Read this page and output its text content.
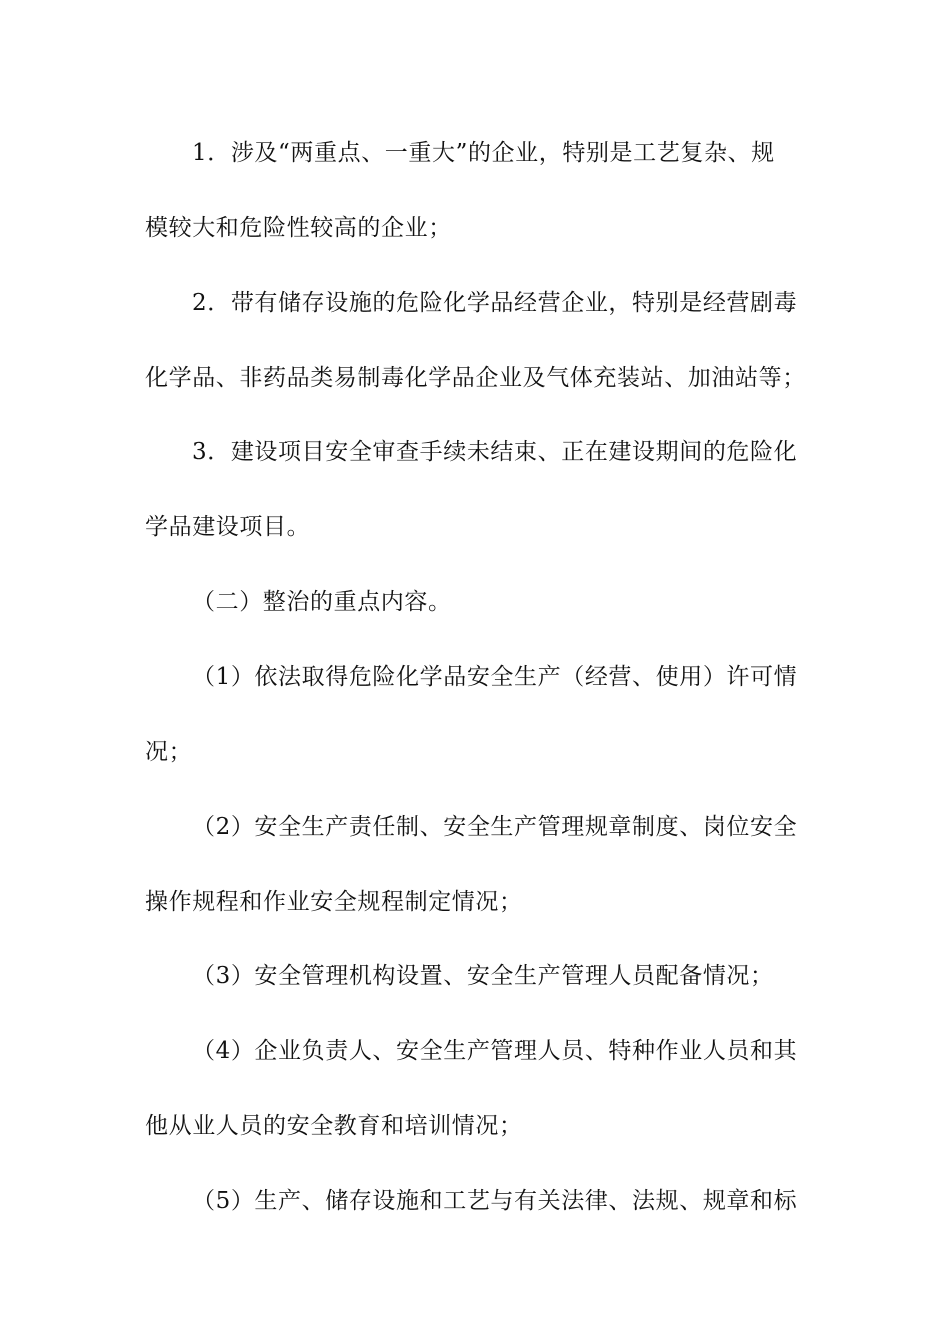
1．涉及“两重点、一重大”的企业，特别是工艺复杂、规
模较大和危险性较高的企业；
2．带有储存设施的危险化学品经营企业，特别是经营剧毒
化学品、非药品类易制毒化学品企业及气体充装站、加油站等；
3．建设项目安全审查手续未结束、正在建设期间的危险化
学品建设项目。
（二）整治的重点内容。
（1）依法取得危险化学品安全生产（经营、使用）许可情
况；
（2）安全生产责任制、安全生产管理规章制度、岗位安全
操作规程和作业安全规程制定情况；
（3）安全管理机构设置、安全生产管理人员配备情况；
（4）企业负责人、安全生产管理人员、特种作业人员和其
他从业人员的安全教育和培训情况；
（5）生产、储存设施和工艺与有关法律、法规、规章和标
